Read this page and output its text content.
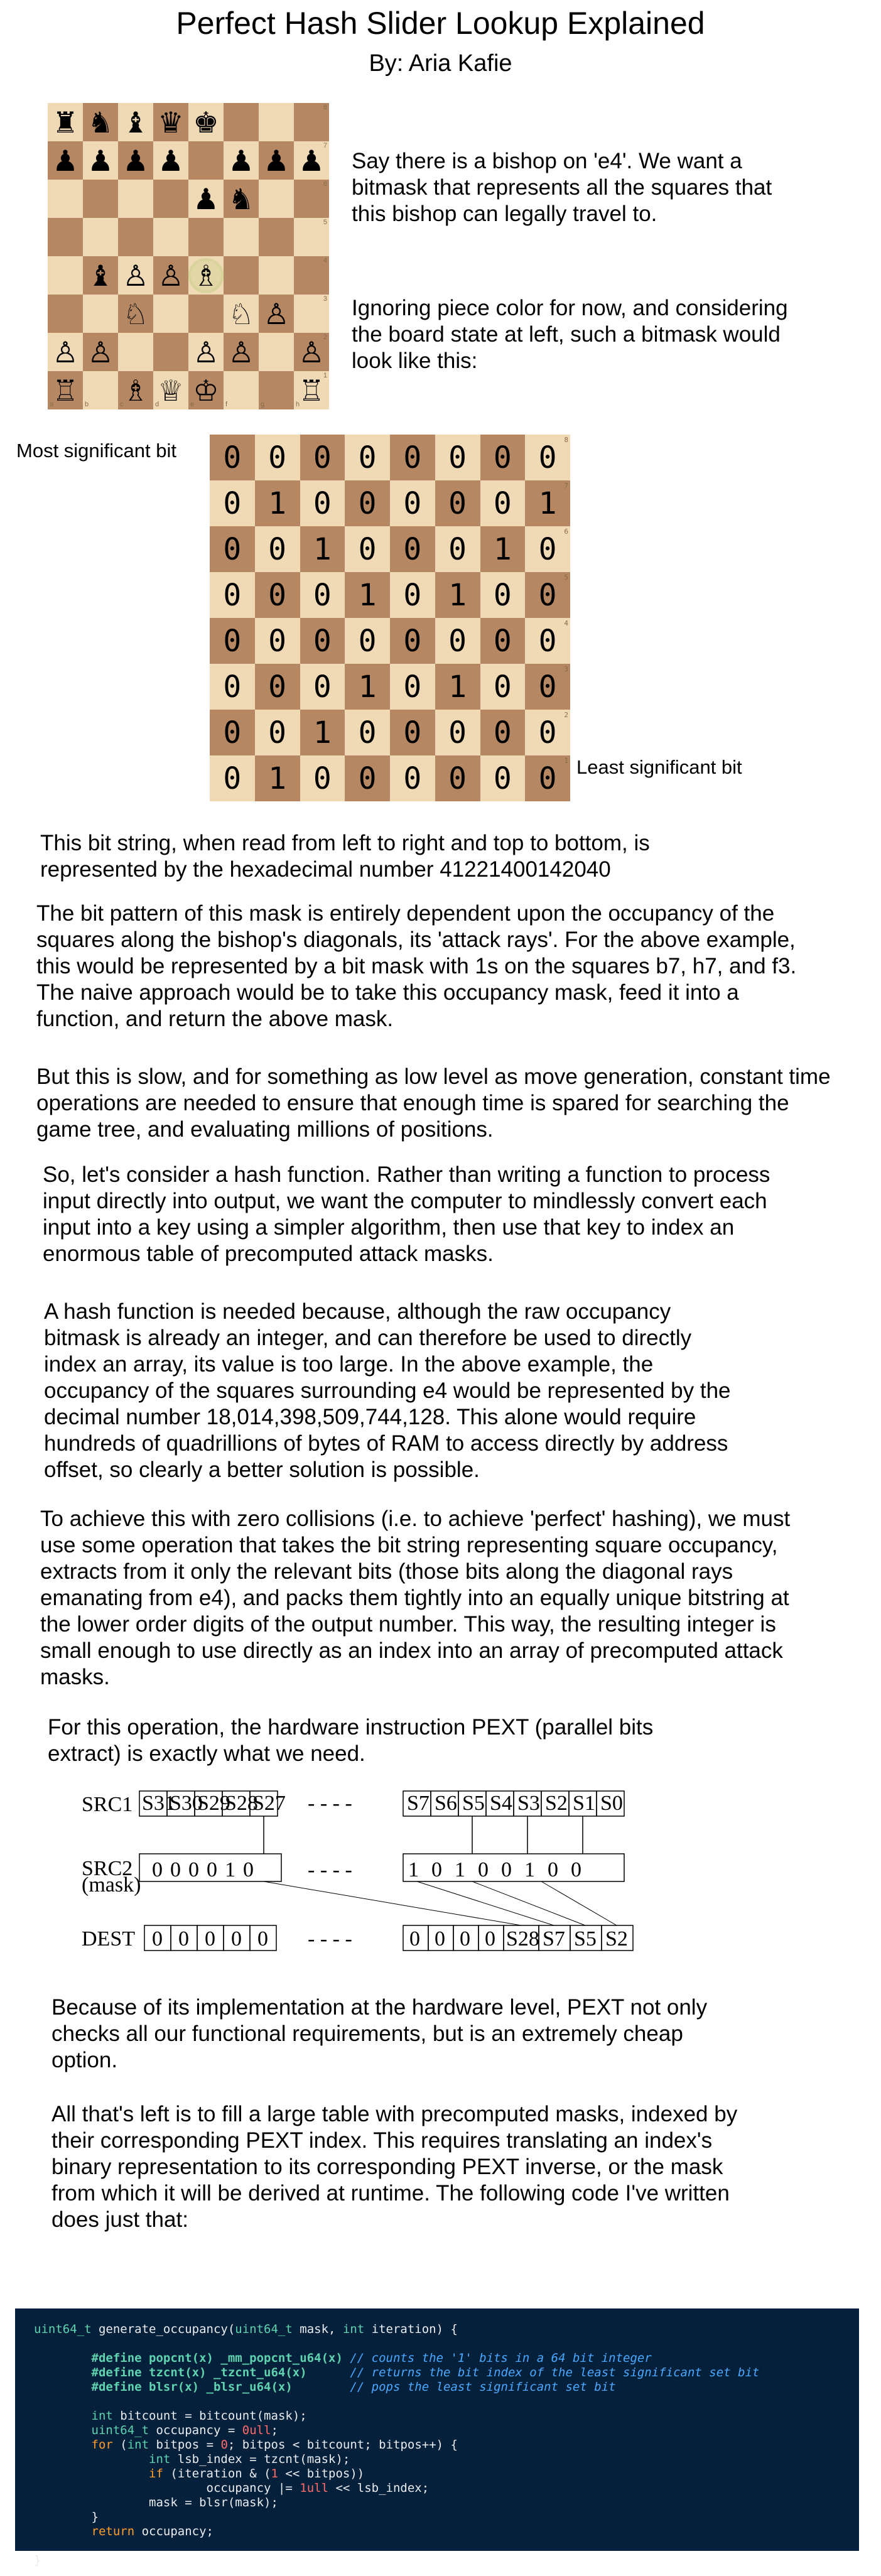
Perfect Hash Slider Lookup Explained
By: Aria Kafie
♜ ♞ ♝ ♛ ♚	8
♟ ♟ ♟ ♟ ♟ ♟ ♟
7
♟ ♞	6
5
♝ ♙ ♙ ♗	4
♘	♘ ♙	3
♙ ♙	♙ ♙ ♙
2
♖
a	b ♗
c ♕
d ♔
e	f	g ♖
1
h
Say there is a bishop on 'e4'. We want a bitmask that represents all the squares that this bishop can legally travel to.
Ignoring piece color for now, and considering the board state at left, such a bitmask would look like this:
Most significant bit 0 0 0 0 0 0 0 0 8
0 1 0 0 0 0 0 1 7
0 0 1 0 0 0 1 0 6
0 0 0 1 0 1 0 0 5
0 0 0 0 0 0 0 0 4
0 0 0 1 0 1 0 0 3
0 0 1 0 0 0 0 0 2
0 1 0 0 0 0 0 0 1 Least significant bit
This bit string, when read from left to right and top to bottom, is represented by the hexadecimal number 41221400142040
The bit pattern of this mask is entirely dependent upon the occupancy of the squares along the bishop's diagonals, its 'attack rays'. For the above example, this would be represented by a bit mask with 1s on the squares b7, h7, and f3. The naive approach would be to take this occupancy mask, feed it into a function, and return the above mask.
But this is slow, and for something as low level as move generation, constant time operations are needed to ensure that enough time is spared for searching the game tree, and evaluating millions of positions.
So, let's consider a hash function. Rather than writing a function to process input directly into output, we want the computer to mindlessly convert each input into a key using a simpler algorithm, then use that key to index an enormous table of precomputed attack masks.
A hash function is needed because, although the raw occupancy bitmask is already an integer, and can therefore be used to directly index an array, its value is too large. In the above example, the occupancy of the squares surrounding e4 would be represented by the decimal number 18,014,398,509,744,128. This alone would require hundreds of quadrillions of bytes of RAM to access directly by address offset, so clearly a better solution is possible.
To achieve this with zero collisions (i.e. to achieve 'perfect' hashing), we must use some operation that takes the bit string representing square occupancy, extracts from it only the relevant bits (those bits along the diagonal rays emanating from e4), and packs them tightly into an equally unique bitstring at the lower order digits of the output number. This way, the resulting integer is small enough to use directly as an index into an array of precomputed attack masks.
For this operation, the hardware instruction PEXT (parallel bits extract) is exactly what we need.
SRC1 S31
S30
S29
S28
S27 - - - -	S7 S6 S5 S4 S3 S2 S1 S0
SRC2
(mask)
000010 - - - -	10100100
DEST 0 0 0 0 0 - - - -	0 0 0 0 S28 S7 S5 S2
Because of its implementation at the hardware level, PEXT not only checks all our functional requirements, but is an extremely cheap option.
All that's left is to fill a large table with precomputed masks, indexed by their corresponding PEXT index. This requires translating an index's binary representation to its corresponding PEXT inverse, or the mask from which it will be derived at runtime. The following code I've written does just that:
uint64_t generate_occupancy(uint64_t mask, int iteration) {

#define popcnt(x) _mm_popcnt_u64(x) // counts the '1' bits in a 64 bit integer
#define tzcnt(x) _tzcnt_u64(x)	// returns the bit index of the least significant set bit
#define blsr(x) _blsr_u64(x)	// pops the least significant set bit

int bitcount = bitcount(mask);
uint64_t occupancy = 0ull;
for (int bitpos = 0; bitpos < bitcount; bitpos++) {
int lsb_index = tzcnt(mask);
if (iteration & (1 << bitpos))
occupancy |= 1ull << lsb_index;
mask = blsr(mask);
}
return occupancy;

}
